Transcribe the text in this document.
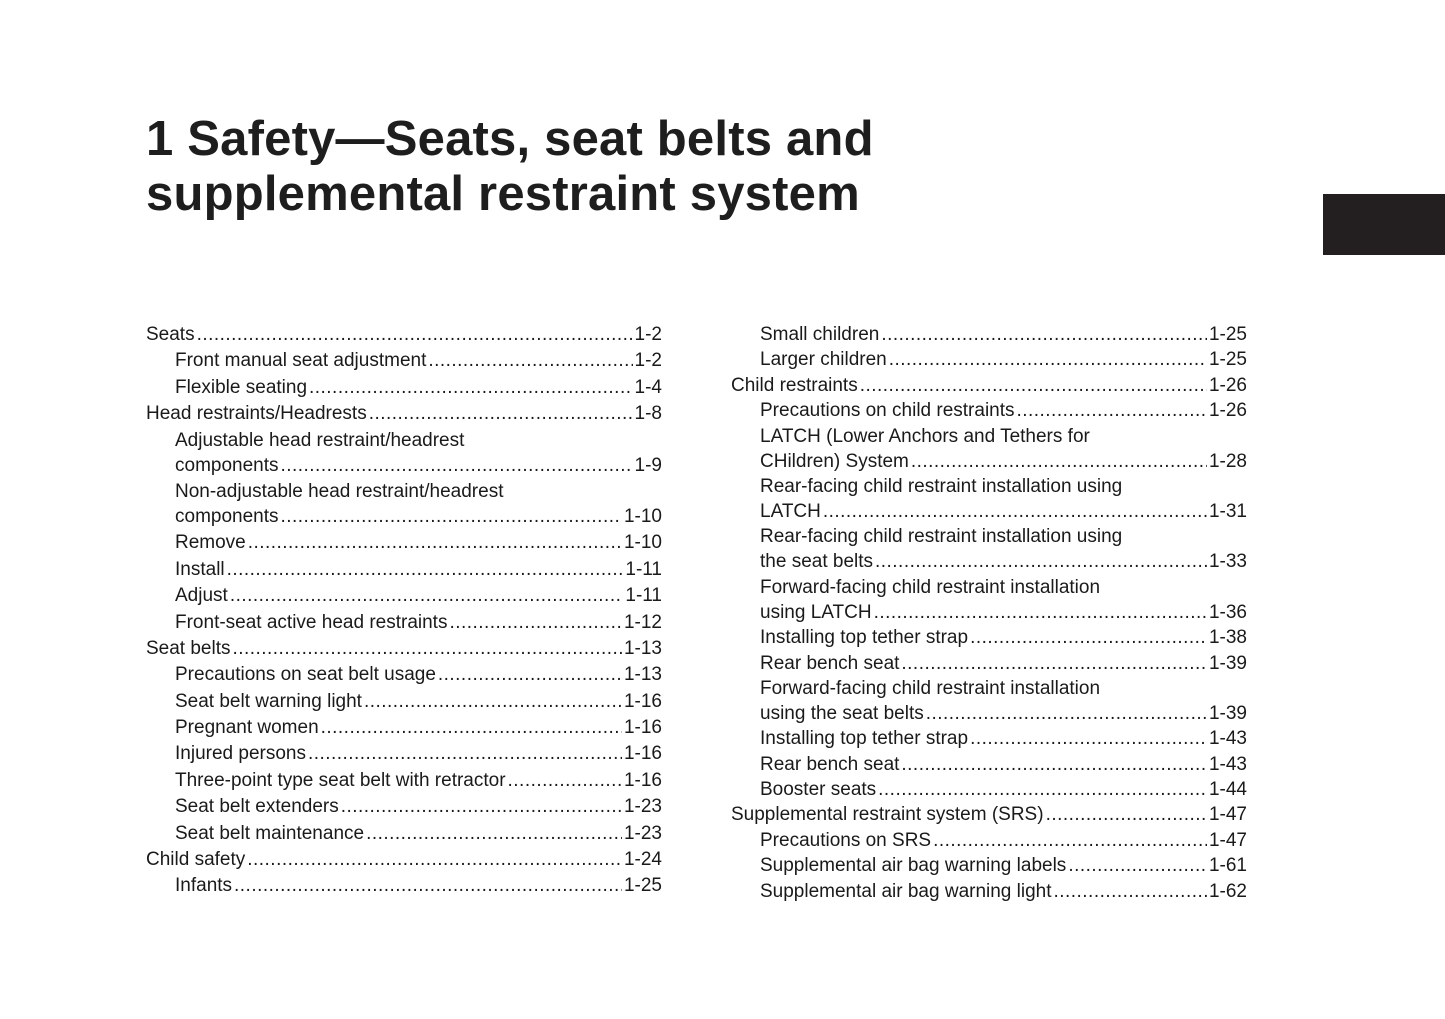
1 Safety—Seats, seat belts and
supplemental restraint system
Seats . . .	1-2
Front manual seat adjustment . . .	1-2
Flexible seating . . .	1-4
Head restraints/Headrests . . .	1-8
Adjustable head restraint/headrest
components . . .	1-9
Non-adjustable head restraint/headrest
components . . .	1-10
Remove . . .	1-10
Install . . .	1-11
Adjust . . .	1-11
Front-seat active head restraints . . .	1-12
Seat belts . . .	1-13
Precautions on seat belt usage . . .	1-13
Seat belt warning light . . .	1-16
Pregnant women . . .	1-16
Injured persons . . .	1-16
Three-point type seat belt with retractor . . .	1-16
Seat belt extenders . . .	1-23
Seat belt maintenance . . .	1-23
Child safety . . .	1-24
Infants . . .	1-25
Small children . . .	1-25
Larger children . . .	1-25
Child restraints . . .	1-26
Precautions on child restraints . . .	1-26
LATCH (Lower Anchors and Tethers for
CHildren) System . . .	1-28
Rear-facing child restraint installation using
LATCH . . .	1-31
Rear-facing child restraint installation using
the seat belts . . .	1-33
Forward-facing child restraint installation
using LATCH . . .	1-36
Installing top tether strap . . .	1-38
Rear bench seat . . .	1-39
Forward-facing child restraint installation
using the seat belts . . .	1-39
Installing top tether strap . . .	1-43
Rear bench seat . . .	1-43
Booster seats . . .	1-44
Supplemental restraint system (SRS) . . .	1-47
Precautions on SRS . . .	1-47
Supplemental air bag warning labels . . .	1-61
Supplemental air bag warning light . . .	1-62
